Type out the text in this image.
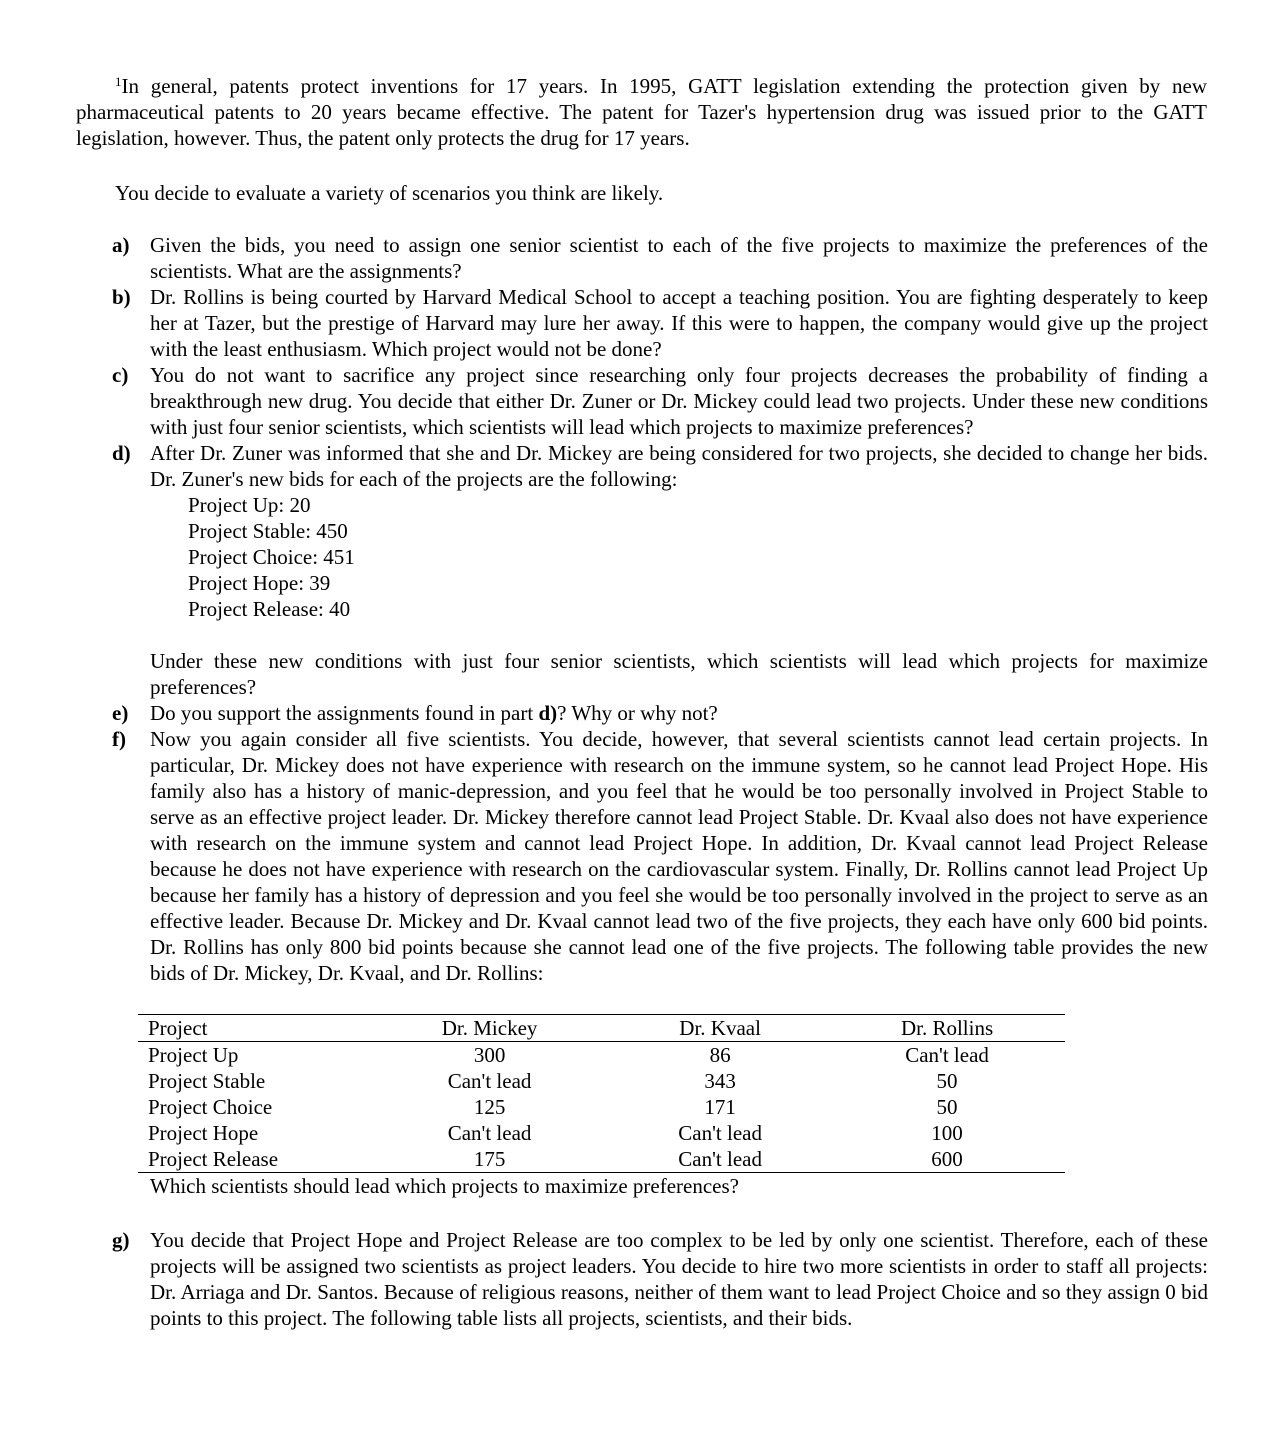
$^1$In general, patents protect inventions for 17 years. In 1995, GATT legislation extending the protection given by new pharmaceutical patents to 20 years became effective. The patent for Tazer's hypertension drug was issued prior to the GATT legislation, however. Thus, the patent only protects the drug for 17 years.

You decide to evaluate a variety of scenarios you think are likely.

a) Given the bids, you need to assign one senior scientist to each of the five projects to maximize the preferences of the scientists. What are the assignments?

b) Dr. Rollins is being courted by Harvard Medical School to accept a teaching position. You are fighting desperately to keep her at Tazer, but the prestige of Harvard may lure her away. If this were to happen, the company would give up the project with the least enthusiasm. Which project would not be done?

c) You do not want to sacrifice any project since researching only four projects decreases the probability of finding a breakthrough new drug. You decide that either Dr. Zuner or Dr. Mickey could lead two projects. Under these new conditions with just four senior scientists, which scientists will lead which projects to maximize preferences?

d) After Dr. Zuner was informed that she and Dr. Mickey are being considered for two projects, she decided to change her bids. Dr. Zuner's new bids for each of the projects are the following:

Project Up: 20
Project Stable: 450
Project Choice: 451
Project Hope: 39
Project Release: 40

Under these new conditions with just four senior scientists, which scientists will lead which projects for maximize preferences?

e) Do you support the assignments found in part d)? Why or why not?

f) Now you again consider all five scientists. You decide, however, that several scientists cannot lead certain projects. In particular, Dr. Mickey does not have experience with research on the immune system, so he cannot lead Project Hope. His family also has a history of manic-depression, and you feel that he would be too personally involved in Project Stable to serve as an effective project leader. Dr. Mickey therefore cannot lead Project Stable. Dr. Kvaal also does not have experience with research on the immune system and cannot lead Project Hope. In addition, Dr. Kvaal cannot lead Project Release because he does not have experience with research on the cardiovascular system. Finally, Dr. Rollins cannot lead Project Up because her family has a history of depression and you feel she would be too personally involved in the project to serve as an effective leader. Because Dr. Mickey and Dr. Kvaal cannot lead two of the five projects, they each have only 600 bid points. Dr. Rollins has only 800 bid points because she cannot lead one of the five projects. The following table provides the new bids of Dr. Mickey, Dr. Kvaal, and Dr. Rollins:

Project	Dr. Mickey	Dr. Kvaal	Dr. Rollins
Project Up	300	86	Can't lead
Project Stable	Can't lead	343	50
Project Choice	125	171	50
Project Hope	Can't lead	Can't lead	100
Project Release	175	Can't lead	600

Which scientists should lead which projects to maximize preferences?

g) You decide that Project Hope and Project Release are too complex to be led by only one scientist. Therefore, each of these projects will be assigned two scientists as project leaders. You decide to hire two more scientists in order to staff all projects: Dr. Arriaga and Dr. Santos. Because of religious reasons, neither of them want to lead Project Choice and so they assign 0 bid points to this project. The following table lists all projects, scientists, and their bids.
